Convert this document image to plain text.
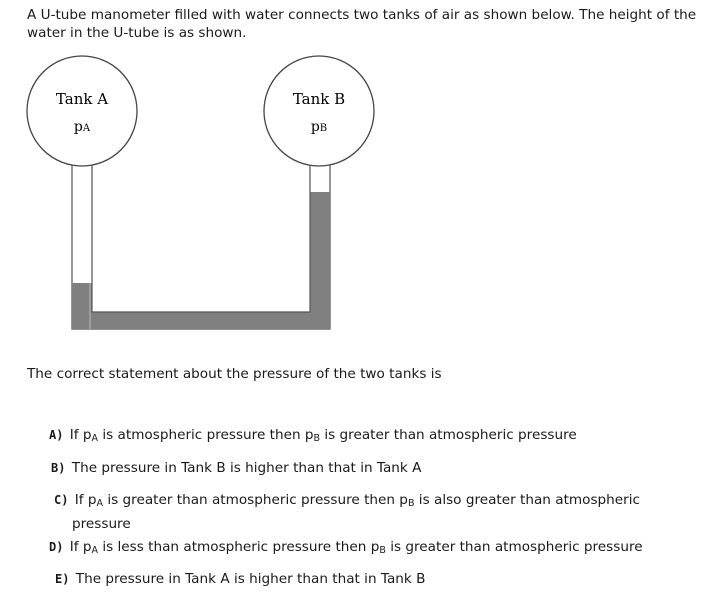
A U-tube manometer filled with water connects two tanks of air as shown below. The height of the
water in the U-tube is as shown.
Tank A
pA
Tank B
pB
The correct statement about the pressure of the two tanks is
A) If $p_A$ is atmospheric pressure then $p_B$ is greater than atmospheric pressure
B) The pressure in Tank B is higher than that in Tank A
C) If $p_A$ is greater than atmospheric pressure then $p_B$ is also greater than atmospheric
pressure
D) If $p_A$ is less than atmospheric pressure then $p_B$ is greater than atmospheric pressure
E) The pressure in Tank A is higher than that in Tank B
